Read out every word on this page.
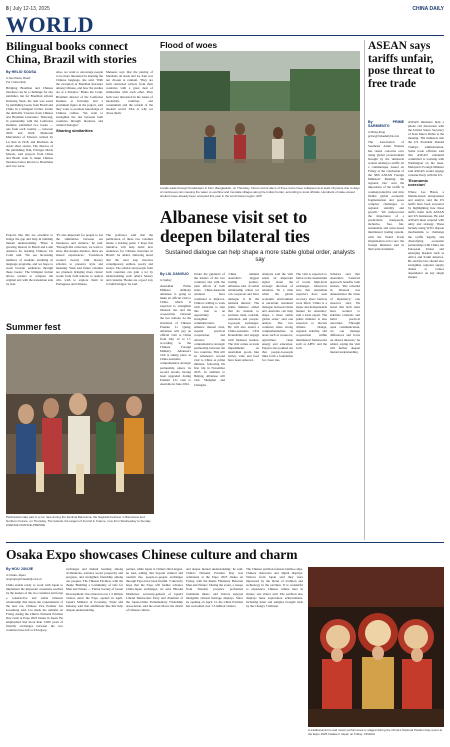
8 | July 12-13, 2025	CHINA DAILY
WORLD
Bilingual books connect China, Brazil with stories
By HELIO SOUSA
in Sao Paulo, Brazil
For China Daily

Bridging Brazilian and Chinese literature can be a challenge for any publisher, but for Brazilian scholar Daiwang Yuan, the task was eased by publishing books from Brazil and China in a bilingual format. Under the umbrella 'Classics from Chinese and Brazilian Literature', Daiwang, in partnership with the Confucius Institute, published two books — one from each country — between 2020 and 2024: Memorial Marvaileira of Edward, written by Lu Xun in 1918, and Machado de Assis' short stories. The director of the publishing firm, Edwiges Maria Morais, said projects from China and Brazil want to make Chinese literature better known to Brazilians and vice versa.

Also, we want to encourage people to be more interested in learning the Chinese language, she said. 'With the exception of Brazilian literature among Chinese, and how the studies are at a distance.' Bruno De Conti, Brazilian director of the Confucius Institute at Unicamp and a prominent figure in the project, said they work to promote knowledge of Chinese culture. 'We want to strengthen the ties between both countries through literature and cultural dialogue.'

Sharing similarities

Menezes says that the pairing of Machado de Assis and Lu Xun was not chosen at random. 'They are both renowned writers from their countries with a great deal of similarities with each other. They both were interested in the issues of modernity, tradition, and colonialism and the reform of the modern world. That is why we chose them.'

Projects like this are essential to bridge the gap and help in building mutual understanding. 'There is growing interest in Brazil and Latin America for learning Chinese,' De Conti said. 'We see increasing numbers of students enrolling in language programs, and we hope to reach broader audiences through these books.' The bilingual format allows readers to compare the original text with the translation side by side.

'It's also important for people to see the similarities between our literatures and cultures,' he said. 'Through this collection, we want to show that despite distance, there are shared experiences.' Translators worked closely with literary scholars to preserve style and meaning. Yuan said future volumes are planned, bringing more classic works from both nations to readers who wish to explore them in Portuguese and Chinese.

The professor said that the publication of these two volumes marks a starting point. 'I hope this initiative will help build new audiences for Chinese literature in Brazil,' he added. Daiwang noted that the next step involves contemporary authors, poetry and essays. The scholar said people from both countries can gain a lot by understanding each other's history and customs. 'Books are a good way to build bridges,' he said.

Summer fest
Participants take part in a run race during the Festival Barcelona, the Sagrada Festival, in Barcelona and Northern France, on Thursday. The festival, the largest of its kind in France, runs from Wednesday to Sunday. AGENCE FRANCE-PRESSE
Flood of woes
Locals wade through floodwaters in Feni, Bangladesh, on Thursday. Flood control dams of three rivers have collapsed at at least 19 points due to days of continuous rain causing the water to overflow and inundate villages along the Indian border, according to local officials. Hundreds of state-owned shelters have already been occupied this year in the south Asian region. AFP
Albanese visit set to deepen bilateral ties
Sustained dialogue can help shape a more stable global order, analysts say
By LIU JIANGUO
in Sydney

Australian Prime Minister Anthony Albanese is going to make an official visit to China, which is expected to strengthen bilateral ties and the cooperation between the two nations. At the invitation of Chinese Premier Li Qiang, Albanese will pay an official visit to China from July 12 to 17, according to the Chinese Foreign Ministry. Albanese's visit is taking place as China-Australia comprehensive strategic partnership enters its second decade, having been upgraded during Premier Li's visit to Australia in June 2024.

Under the guidance of the leaders of the two countries and with the joint efforts of both sides, China-Australia relations have continued to improve. China is willing to work with Australia to take this visit as an opportunity to strengthen communication, enhance mutual trust, expand practical cooperation, and advance the comprehensive strategic partnership between the two countries. This will be Albanese's second visit to China as prime minister, following his first trip in November 2023. In addition to Beijing, Albanese will visit Shanghai and Chengdu.

'China remains Australia's biggest trading partner,' Albanese said. 'A stable relationship where we can cooperate and have dialogue is in the national interest.' The prime minister added that he intends to promote trade, tourism, education and people-to-people exchanges. He will also attend a China-Australia CEO Roundtable and engage with business leaders. The visit comes as trade impediments on Australian goods like barley, wine and beef have been removed.

Analysts said the visit sends an important signal about the strategic direction of relations. 'In a time when the global economic environment is uncertain, sustained dialogue between China and Australia can help shape a more stable global order,' said one analyst. The two countries share strong complementarities in areas such as resources, agriculture, clean energy and education. Experts also pointed out that people-to-people links form a foundation for closer ties.

The visit is expected to build on the momentum of recent high-level exchanges. Observers note that Australian exporters have seen recovery since barriers were lifted. 'China is a major and indispensable market for Australia,' said a trade expert. The prime minister is also expected to discuss climate change, regional stability, and cooperation within multilateral frameworks such as APEC and the G20.

Scholars said that Australia's balanced approach benefits both nations. 'The rebound in bilateral ties demonstrates the value of diplomacy,' one observer said. He noted that both sides have worked to stabilize relations and build practical outcomes. 'Through open communication, we can manage differences and focus on shared interests,' he added, saying the visit will further deepen mutual understanding.

ASEAN says tariffs unfair, pose threat to free trade
By PRIME SARMIENTO
in Hong Kong
prime@chinadailyhk.com

The Association of Southeast Asian Nations has raised concerns over rising global protectionism brought by the 'unilateral actions relating to tariffs'. In a communique issued on Friday at the conclusion of the 58th ASEAN Foreign Ministers' Meeting, the regional bloc said the imposition of the tariffs 'is counterproductive and may further global economic fragmentation and poses complex challenges to regional stability and growth.' 'We underscored the importance of a predictable, transparent, inclusive, free, fair, sustainable and rules-based multilateral trading system, with the World Trade Organization at its core,' the foreign ministers said in their joint statement.

ASEAN ministers held a phone call discussion with the United States Secretary of State Marco Rubio at the meeting. The ministers met the US President Donald Trump's administration. Some trade officials said that ASEAN remained committed to working with Washington on the issue. Malaysia's Foreign Minister said ASEAN would engage constructively with the US.

'Economic coercion'

Where Lee Hsien, a Manila-based entrepreneur and analyst, said the US tariffs have been excessive by highlighting how these tariffs harm both ASEAN and US businesses. He said ASEAN must respond with unity and strategy. These include using WTO dispute mechanisms to challenge the tariffs legally, and diversifying economic partnerships with China, the European Union and emerging markets such as Africa and South America. He said the bloc should also strengthen regional supply chains to reduce dependence on any single market.

Osaka Expo showcases Chinese culture and charm
By HOU JUNJIE
in Osaka, Japan
houjunjie@chinadaily.com.cn

China stands ready to work with Japan to implement the important consensus reached by the leaders of the two countries and forge a constructive and stable bilateral relationship that meets the requirements of the new era, Chinese Vice Premier Liu Guozhong said. Liu made the remarks on Friday during the China's National Pavilion Day event at Expo 2025 Osaka in Japan. He emphasized that more than 3,000 years of friendly exchanges between the two countries have left a rich legacy.

exchanges and mutual learning among civilizations, advance social prosperity and progress, and strengthen friendship among our peoples. The Chinese Pavilion, with the theme 'Building a Community of Life for Man and Nature — Future Society of Green Development', has attracted over 1.5 million visitors since the Expo opened in April. Japan's Minister of Economy, Trade and Industry said that exhibitions like this help deepen understanding.

partner, while Japan is China's third-largest, he said, adding that beyond cultural and tourism ties, people-to-people exchanges through Expo have been fruitful. 'I sincerely hope that the Expo will further advance China-Japan exchanges,' he said. Hiroaki Morikawa, secretary-general of Japan's Liberal Democratic Party and chairman of the Japan-China Parliamentary Friendship Association, said the event shows the charm of Chinese culture.

and deeper mutual understanding,' he said. China's National Pavilion Day was celebrated at the Expo 2025 Osaka on Friday, with the theme 'Harmony Between Man and Nature'. During the event, a troupe from Shaanxi province performed traditional music, and visitors enjoyed intangible cultural heritage displays. Since its opening on April 13, the China Pavilion has welcomed over 1.5 million visitors.

The Chinese pavilion features bamboo slips, Chinese characters and digital displays. Visitors from Japan said they were impressed by the blend of tradition and technology in the pavilion. 'It is wonderful to experience Chinese culture here in Osaka,' one visitor said. The pavilion also displays lunar exploration achievements, including lunar soil samples brought back by the Chang'e 5 mission.

A traditional drum and music performance is staged during the China's National Pavilion Day event at the Expo 2025 Osaka in Japan on Friday. XINHUA
